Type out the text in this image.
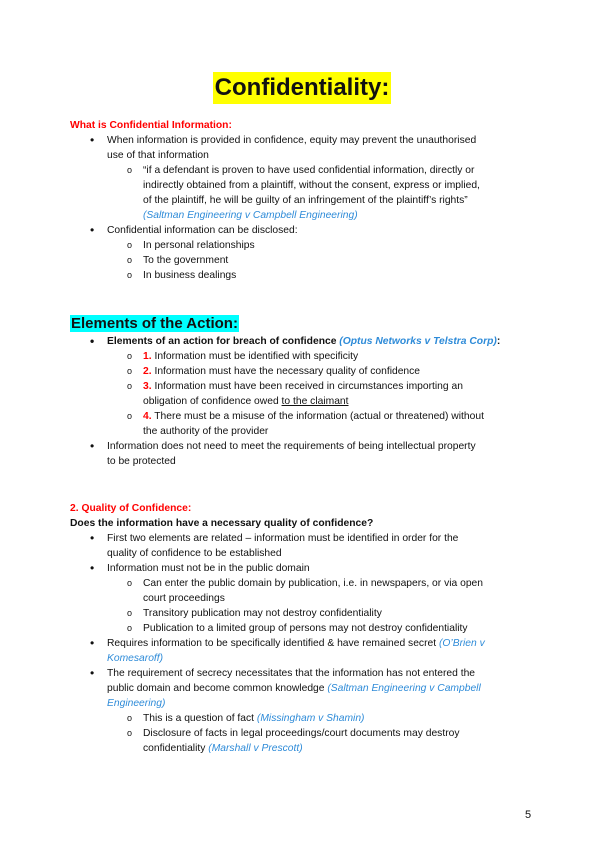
Confidentiality:
What is Confidential Information:
• When information is provided in confidence, equity may prevent the unauthorised
use of that information
o “if a defendant is proven to have used confidential information, directly or
indirectly obtained from a plaintiff, without the consent, express or implied,
of the plaintiff, he will be guilty of an infringement of the plaintiff’s rights”
(Saltman Engineering v Campbell Engineering)
• Confidential information can be disclosed:
o In personal relationships
o To the government
o In business dealings
Elements of the Action:
• Elements of an action for breach of confidence (Optus Networks v Telstra Corp):
o 1. Information must be identified with specificity
o 2. Information must have the necessary quality of confidence
o 3. Information must have been received in circumstances importing an
obligation of confidence owed to the claimant
o 4. There must be a misuse of the information (actual or threatened) without
the authority of the provider
• Information does not need to meet the requirements of being intellectual property
to be protected
2. Quality of Confidence:
Does the information have a necessary quality of confidence?
• First two elements are related – information must be identified in order for the
quality of confidence to be established
• Information must not be in the public domain
o Can enter the public domain by publication, i.e. in newspapers, or via open
court proceedings
o Transitory publication may not destroy confidentiality
o Publication to a limited group of persons may not destroy confidentiality
• Requires information to be specifically identified & have remained secret (O’Brien v
Komesaroff)
• The requirement of secrecy necessitates that the information has not entered the
public domain and become common knowledge (Saltman Engineering v Campbell
Engineering)
o This is a question of fact (Missingham v Shamin)
o Disclosure of facts in legal proceedings/court documents may destroy
confidentiality (Marshall v Prescott)
5
